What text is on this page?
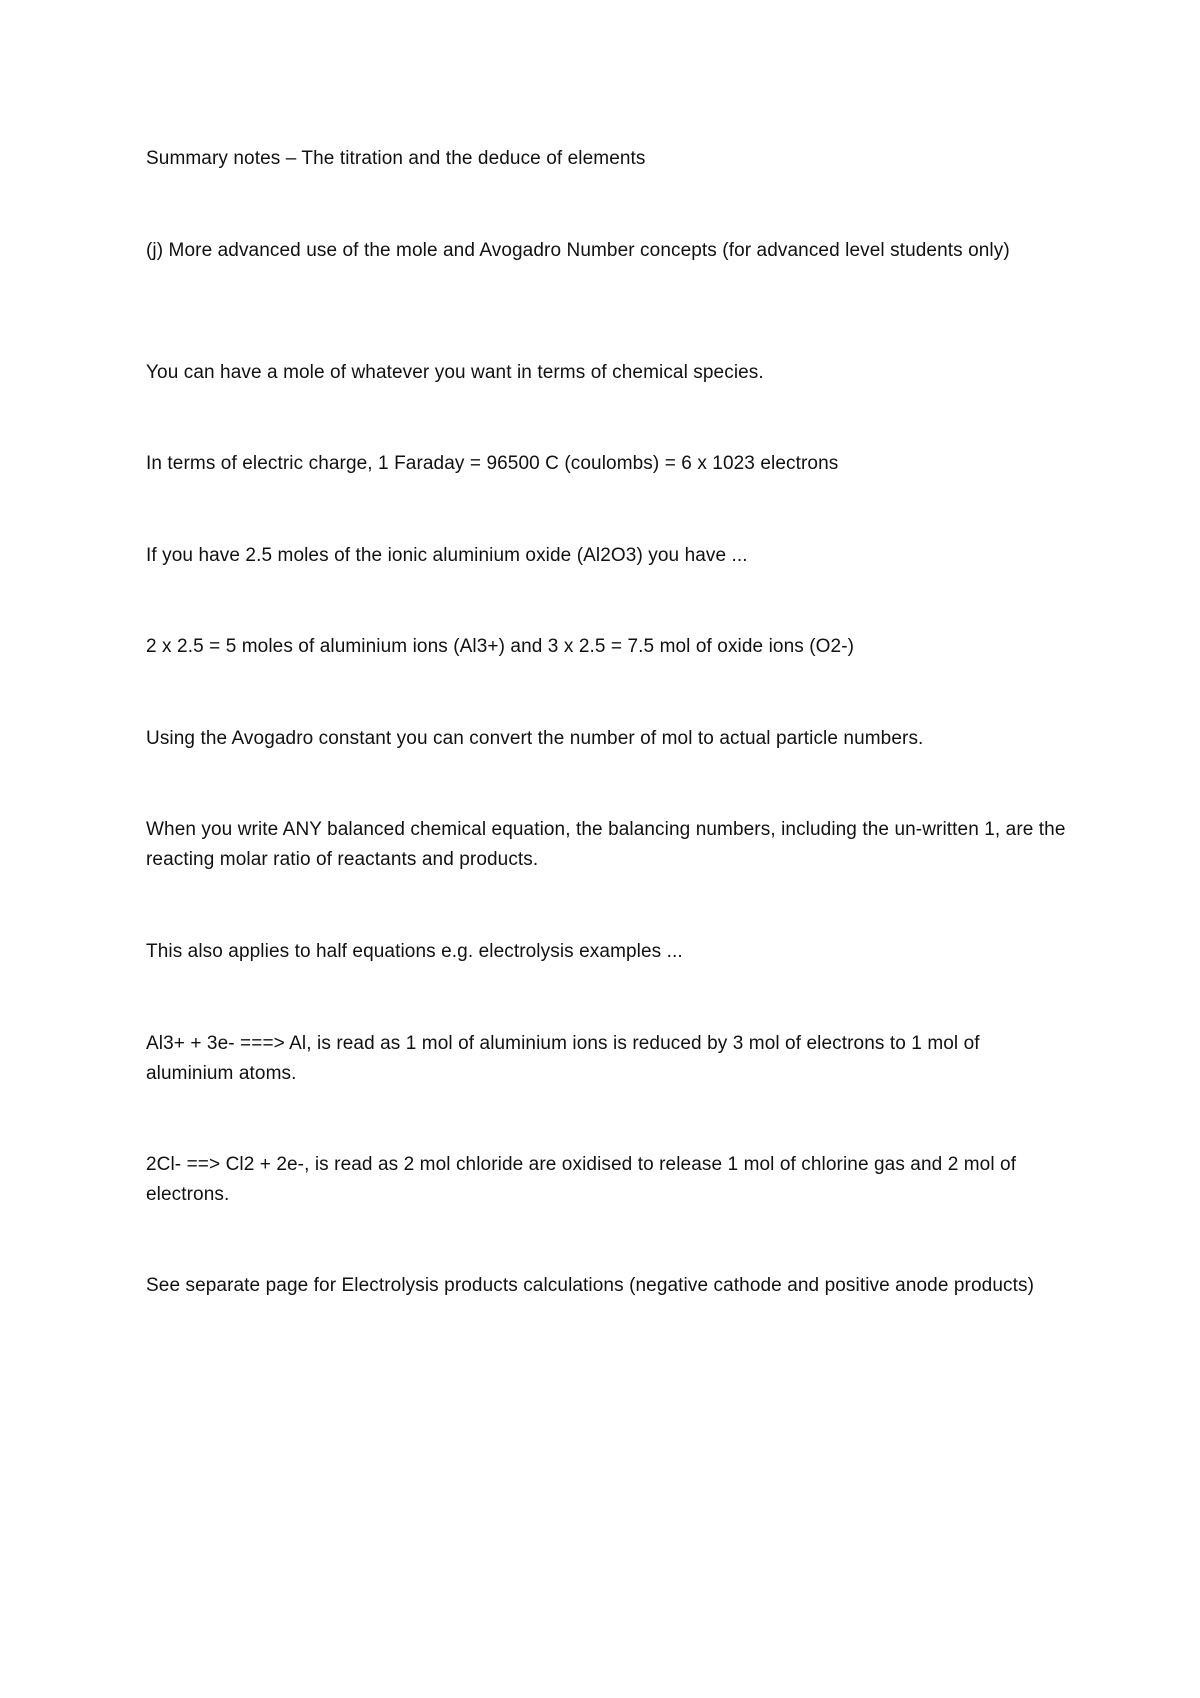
Summary notes – The titration and the deduce of elements

(j) More advanced use of the mole and Avogadro Number concepts (for advanced level students only)

You can have a mole of whatever you want in terms of chemical species.

In terms of electric charge, 1 Faraday = 96500 C (coulombs) = 6 x 1023 electrons

If you have 2.5 moles of the ionic aluminium oxide (Al2O3) you have ...

2 x 2.5 = 5 moles of aluminium ions (Al3+) and 3 x 2.5 = 7.5 mol of oxide ions (O2-)

Using the Avogadro constant you can convert the number of mol to actual particle numbers.

When you write ANY balanced chemical equation, the balancing numbers, including the un-written 1, are the reacting molar ratio of reactants and products.

This also applies to half equations e.g. electrolysis examples ...

Al3+ + 3e- ===> Al, is read as 1 mol of aluminium ions is reduced by 3 mol of electrons to 1 mol of aluminium atoms.

2Cl- ==> Cl2 + 2e-, is read as 2 mol chloride are oxidised to release 1 mol of chlorine gas and 2 mol of electrons.

See separate page for Electrolysis products calculations (negative cathode and positive anode products)
